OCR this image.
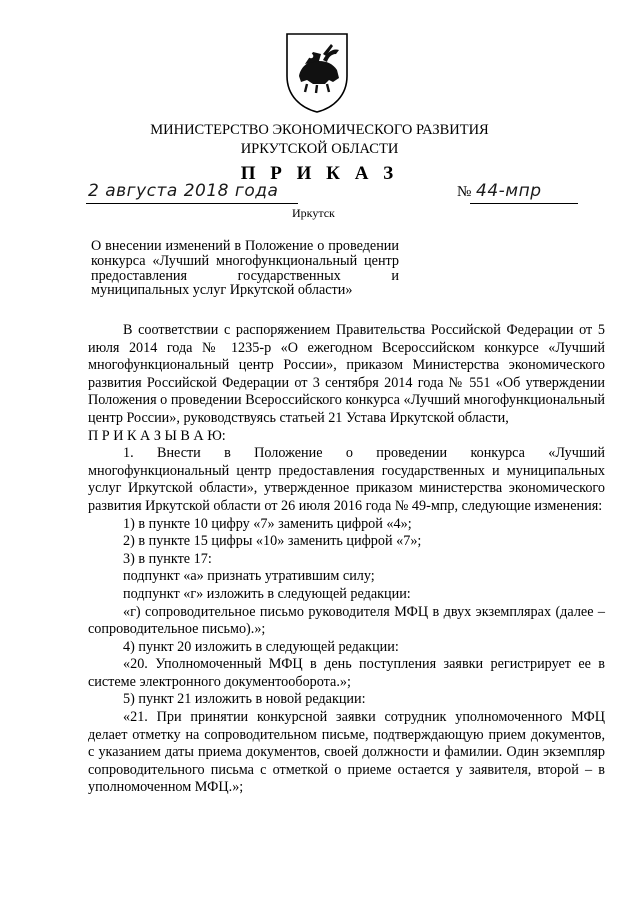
МИНИСТЕРСТВО ЭКОНОМИЧЕСКОГО РАЗВИТИЯ
ИРКУТСКОЙ ОБЛАСТИ
П Р И К А З
2 августа 2018 года	№ 44-мпр
Иркутск
О внесении изменений в Положение о проведении конкурса «Лучший многофункциональный центр предоставления государственных и муниципальных услуг Иркутской области»

В соответствии с распоряжением Правительства Российской Федерации от 5 июля 2014 года № 1235-р «О ежегодном Всероссийском конкурсе «Лучший многофункциональный центр России», приказом Министерства экономического развития Российской Федерации от 3 сентября 2014 года № 551 «Об утверждении Положения о проведении Всероссийского конкурса «Лучший многофункциональный центр России», руководствуясь статьей 21 Устава Иркутской области,

П Р И К А З Ы В А Ю:

1. Внести в Положение о проведении конкурса «Лучший многофункциональный центр предоставления государственных и муниципальных услуг Иркутской области», утвержденное приказом министерства экономического развития Иркутской области от 26 июля 2016 года № 49-мпр, следующие изменения:

1) в пункте 10 цифру «7» заменить цифрой «4»;

2) в пункте 15 цифры «10» заменить цифрой «7»;

3) в пункте 17:

подпункт «а» признать утратившим силу;

подпункт «г» изложить в следующей редакции:

«г) сопроводительное письмо руководителя МФЦ в двух экземплярах (далее – сопроводительное письмо).»;

4) пункт 20 изложить в следующей редакции:

«20. Уполномоченный МФЦ в день поступления заявки регистрирует ее в системе электронного документооборота.»;

5) пункт 21 изложить в новой редакции:

«21. При принятии конкурсной заявки сотрудник уполномоченного МФЦ делает отметку на сопроводительном письме, подтверждающую прием документов, с указанием даты приема документов, своей должности и фамилии. Один экземпляр сопроводительного письма с отметкой о приеме остается у заявителя, второй – в уполномоченном МФЦ.»;
